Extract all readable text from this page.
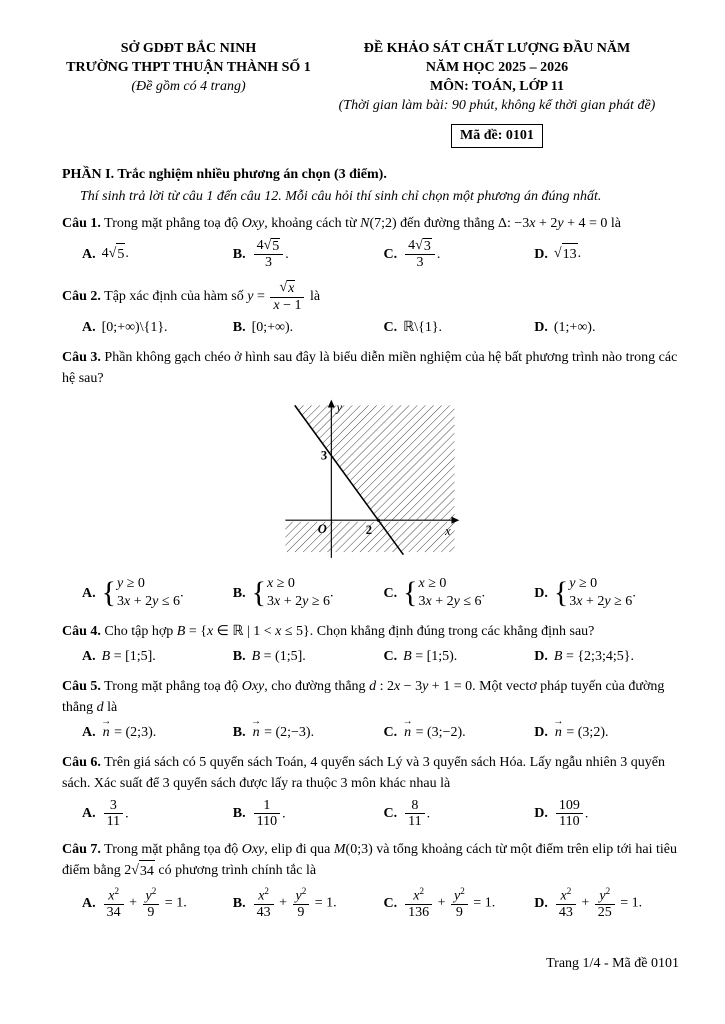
SỞ GDĐT BẮC NINH
TRƯỜNG THPT THUẬN THÀNH SỐ 1
(Đề gồm có 4 trang)
ĐỀ KHẢO SÁT CHẤT LƯỢNG ĐẦU NĂM
NĂM HỌC 2025 – 2026
MÔN: TOÁN, LỚP 11
(Thời gian làm bài: 90 phút, không kể thời gian phát đề)
Mã đề: 0101

PHẦN I. Trắc nghiệm nhiều phương án chọn (3 điểm).

Thí sinh trả lời từ câu 1 đến câu 12. Mỗi câu hỏi thí sinh chỉ chọn một phương án đúng nhất.

Câu 1. Trong mặt phẳng toạ độ Oxy, khoảng cách từ N(7;2) đến đường thẳng Δ: −3x + 2y + 4 = 0 là

A. 4 √ 5 .	B. $\frac{4 √ 5}{3}$ .	C. $\frac{4 √ 3}{3}$ .	D. √ 13 .

Câu 2. Tập xác định của hàm số y = √ $\frac{x}{x - 1}$ là

A. [0;+∞)\{1}.	B. [0;+∞).	C. ℝ\{1}.	D. (1;+∞).

Câu 3. Phần không gạch chéo ở hình sau đây là biểu diễn miền nghiệm của hệ bất phương trình nào trong các hệ sau?

y
x
O
3
2
A. { y ≥ 0
3x + 2y ≤ 6
.	B. { x ≥ 0
3x + 2y ≥ 6
.	C. { x ≥ 0
3x + 2y ≤ 6
.	D. { y ≥ 0
3x + 2y ≥ 6
.

Câu 4. Cho tập hợp B = {x ∈ ℝ | 1 < x ≤ 5}. Chọn khẳng định đúng trong các khẳng định sau?

A. B = [1;5].	B. B = (1;5].	C. B = [1;5).	D. B = {2;3;4;5}.

Câu 5. Trong mặt phẳng toạ độ Oxy, cho đường thẳng d : 2x − 3y + 1 = 0. Một vectơ pháp tuyến của đường thẳng d là

A. n → = (2;3).	B. n → = (2;−3).	C. n → = (3;−2).	D. n → = (3;2).

Câu 6. Trên giá sách có 5 quyển sách Toán, 4 quyển sách Lý và 3 quyển sách Hóa. Lấy ngẫu nhiên 3 quyển sách. Xác suất để 3 quyển sách được lấy ra thuộc 3 môn khác nhau là

A. $\frac{3}{11}$ .	B. $\frac{1}{110}$ .	C. $\frac{8}{11}$ .	D. $\frac{109}{110}$ .

Câu 7. Trong mặt phẳng tọa độ Oxy, elip đi qua M(0;3) và tổng khoảng cách từ một điểm trên elip tới hai tiêu điểm bằng 2 √ 34 có phương trình chính tắc là

A. $\frac{x^2}{34} + \frac{y^2}{9} = 1$.	B. $\frac{x^2}{43} + \frac{y^2}{9} = 1$.	C. $\frac{x^2}{136} + \frac{y^2}{9} = 1$.	D. $\frac{x^2}{43} + \frac{y^2}{25} = 1$.
Trang 1/4 - Mã đề 0101
